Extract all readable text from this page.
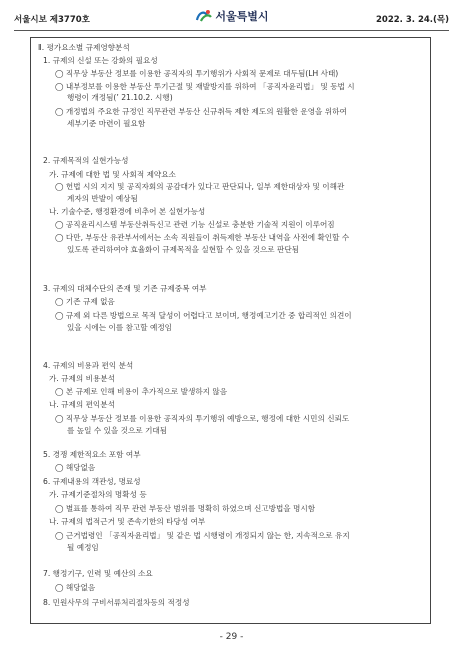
서울시보 제3770호	서울특별시	2022. 3. 24.(목)
Ⅱ. 평가요소별 규제영향분석
1. 규제의 신설 또는 강화의 필요성
◯ 직무상 부동산 정보를 이용한 공직자의 투기행위가 사회적 문제로 대두됨(LH 사태)
◯ 내부정보를 이용한 부동산 투기근절 및 재발방지를 위하여 「공직자윤리법」 및 동법 시
행령이 개정됨(’ 21.10.2. 시행)
◯ 개정법의 주요한 규정인 직무관련 부동산 신규취득 제한 제도의 원활한 운영을 위하여
세부기준 마련이 필요함
2. 규제목적의 실현가능성
가. 규제에 대한 법 및 사회적 제약요소
◯ 헌법 시의 지지 및 공직자회의 공감대가 있다고 판단되나, 일부 제한대상자 및 이해관
계자의 반발이 예상됨
나. 기술수준, 행정환경에 비추어 본 실현가능성
◯ 공직윤리시스템 부동산취득신고 관련 기능 신설로 충분한 기술적 지원이 이루어짐
◯ 다만, 부동산 유관부서에서는 소속 직원들이 취득제한 부동산 내역을 사전에 확인할 수
있도록 관리하여야 효율화이 규제목적을 실현할 수 있을 것으로 판단됨
3. 규제의 대체수단의 존재 및 기존 규제중복 여부
◯ 기존 규제 없음
◯ 규제 외 다른 방법으로 목적 달성이 어렵다고 보이며, 행정예고기간 중 합리적인 의견이
있을 시에는 이를 참고할 예정임
4. 규제의 비용과 편익 분석
가. 규제의 비용분석
◯ 본 규제로 인해 비용이 추가적으로 발생하지 않음
나. 규제의 편익분석
◯ 직무상 부동산 정보를 이용한 공직자의 투기행위 예방으로, 행정에 대한 시민의 신뢰도
를 높일 수 있을 것으로 기대됨
5. 경쟁 제한적요소 포함 여부
◯ 해당없음
6. 규제내용의 객관성, 명료성
가. 규제기준절차의 명확성 등
◯ 별표를 통하여 직무 관련 부동산 범위를 명확히 하였으며 신고방법을 명시함
나. 규제의 법적근거 및 존속기한의 타당성 여부
◯ 근거법령인 「공직자윤리법」 및 같은 법 시행령이 개정되지 않는 한, 지속적으로 유지
될 예정임
7. 행정기구, 인력 및 예산의 소요
◯ 해당없음
8. 민원사무의 구비서류처리절차등의 적정성
- 29 -
